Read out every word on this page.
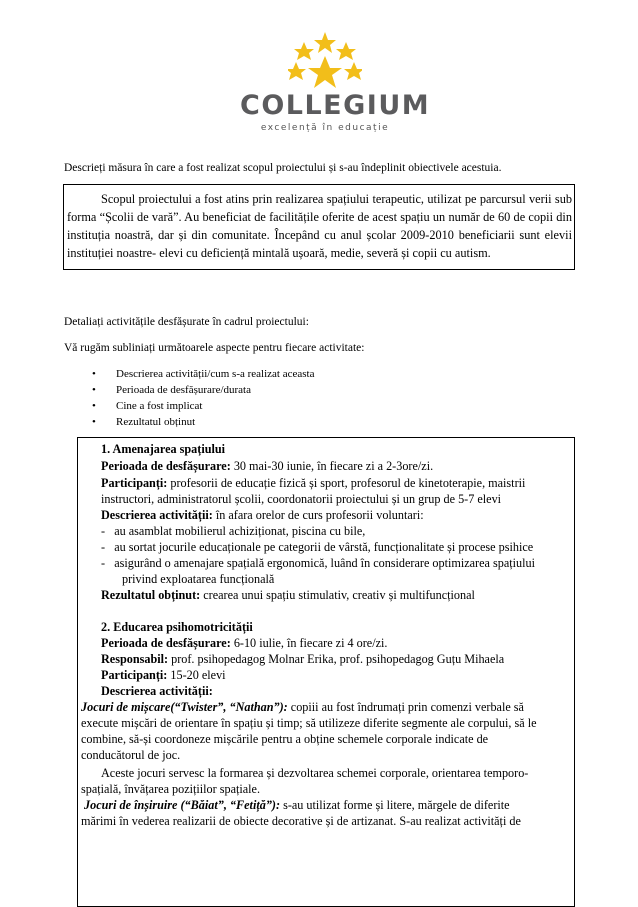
COLLEGIUM
excelență în educație
Descrieți măsura în care a fost realizat scopul proiectului și s-au îndeplinit obiectivele acestuia.
Scopul proiectului a fost atins prin realizarea spațiului terapeutic, utilizat pe parcursul verii sub forma “Școlii de vară”. Au beneficiat de facilitățile oferite de acest spațiu un număr de 60 de copii din instituția noastră, dar și din comunitate. Începând cu anul școlar 2009-2010 beneficiarii sunt elevii instituției noastre- elevi cu deficiență mintală ușoară, medie, severă și copii cu autism.
Detaliați activitățile desfășurate în cadrul proiectului:
Vă rugăm subliniați următoarele aspecte pentru fiecare activitate:
• Descrierea activității/cum s-a realizat aceasta
• Perioada de desfășurare/durata
• Cine a fost implicat
• Rezultatul obținut
1. Amenajarea spațiului
Perioada de desfășurare: 30 mai-30 iunie, în fiecare zi a 2-3ore/zi.
Participanți: profesorii de educație fizică și sport, profesorul de kinetoterapie, maistrii
instructori, administratorul școlii, coordonatorii proiectului și un grup de 5-7 elevi
Descrierea activității: în afara orelor de curs profesorii voluntari:
-   au asamblat mobilierul achiziționat, piscina cu bile,
-   au sortat jocurile educaționale pe categorii de vârstă, funcționalitate și procese psihice
-   asigurând o amenajare spațială ergonomică, luând în considerare optimizarea spațiului
privind exploatarea funcțională
Rezultatul obținut: crearea unui spațiu stimulativ, creativ și multifuncțional
2. Educarea psihomotricității
Perioada de desfășurare: 6-10 iulie, în fiecare zi 4 ore/zi.
Responsabil: prof. psihopedagog Molnar Erika, prof. psihopedagog Guțu Mihaela
Participanți: 15-20 elevi
Descrierea activității:
Jocuri de mișcare(“Twister”, “Nathan”): copiii au fost îndrumați prin comenzi verbale să
execute mișcări de orientare în spațiu și timp; să utilizeze diferite segmente ale corpului, să le
combine, să-și coordoneze mișcările pentru a obține schemele corporale indicate de
conducătorul de joc.
Aceste jocuri servesc la formarea și dezvoltarea schemei corporale, orientarea temporo-
spațială, învățarea pozițiilor spațiale.
Jocuri de înșiruire (“Băiat”, “Fetiță”): s-au utilizat forme și litere, mărgele de diferite
mărimi în vederea realizarii de obiecte decorative și de artizanat. S-au realizat activități de
